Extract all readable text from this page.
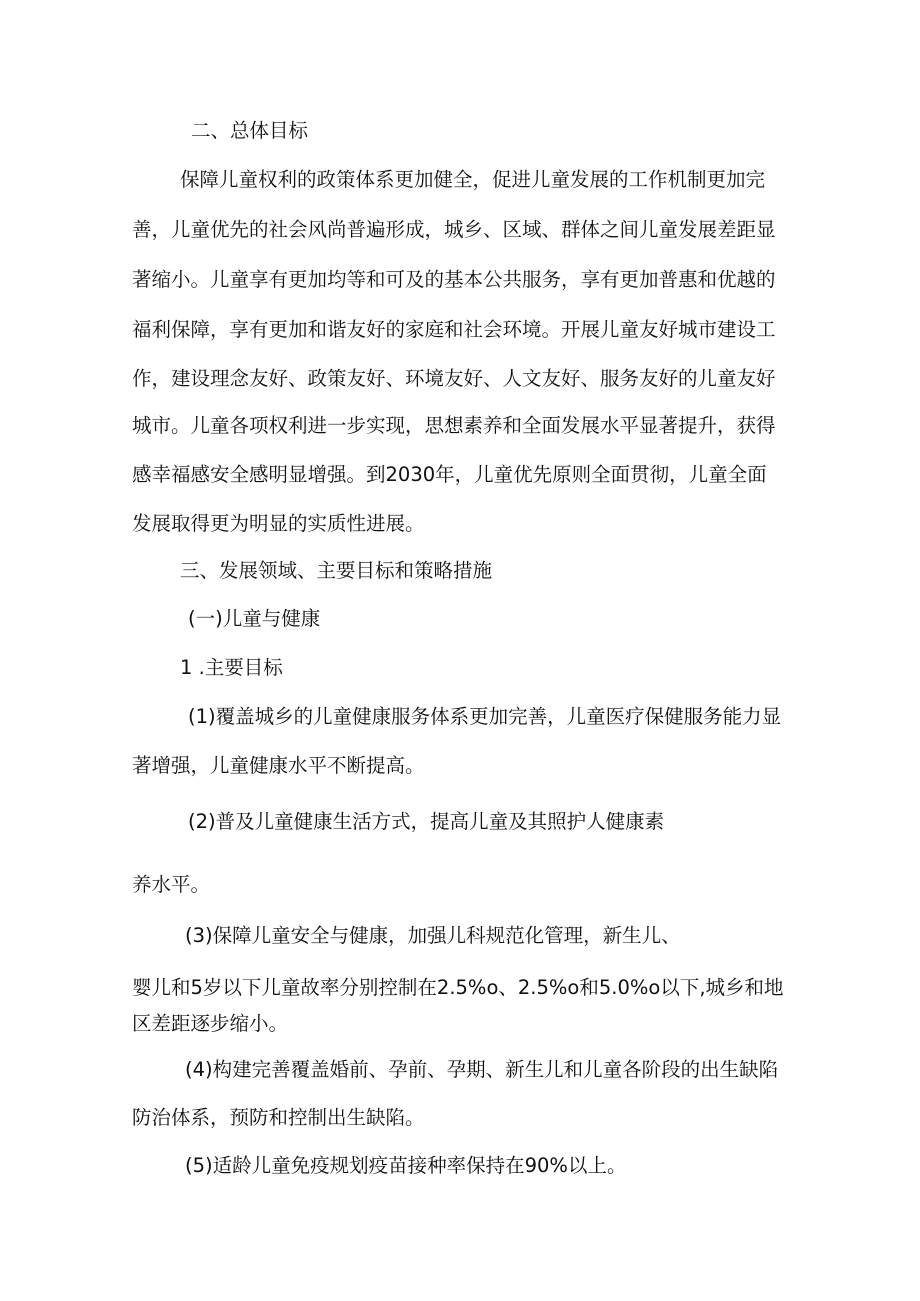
二、总体目标

保障儿童权利的政策体系更加健全，促进儿童发展的工作机制更加完

善，儿童优先的社会风尚普遍形成，城乡、区域、群体之间儿童发展差距显

著缩小。儿童享有更加均等和可及的基本公共服务，享有更加普惠和优越的

福利保障，享有更加和谐友好的家庭和社会环境。开展儿童友好城市建设工

作，建设理念友好、政策友好、环境友好、人文友好、服务友好的儿童友好

城市。儿童各项权利进一步实现，思想素养和全面发展水平显著提升，获得

感幸福感安全感明显增强。到2030年，儿童优先原则全面贯彻，儿童全面

发展取得更为明显的实质性进展。

三、发展领域、主要目标和策略措施

(一)儿童与健康

1 .主要目标

(1)覆盖城乡的儿童健康服务体系更加完善，儿童医疗保健服务能力显

著增强，儿童健康水平不断提高。

(2)普及儿童健康生活方式，提高儿童及其照护人健康素

养水平。

(3)保障儿童安全与健康，加强儿科规范化管理，新生儿、

婴儿和5岁以下儿童故率分别控制在2.5%o、2.5%o和5.0%o以下,城乡和地

区差距逐步缩小。

(4)构建完善覆盖婚前、孕前、孕期、新生儿和儿童各阶段的出生缺陷

防治体系，预防和控制出生缺陷。

(5)适龄儿童免疫规划疫苗接种率保持在90%以上。
